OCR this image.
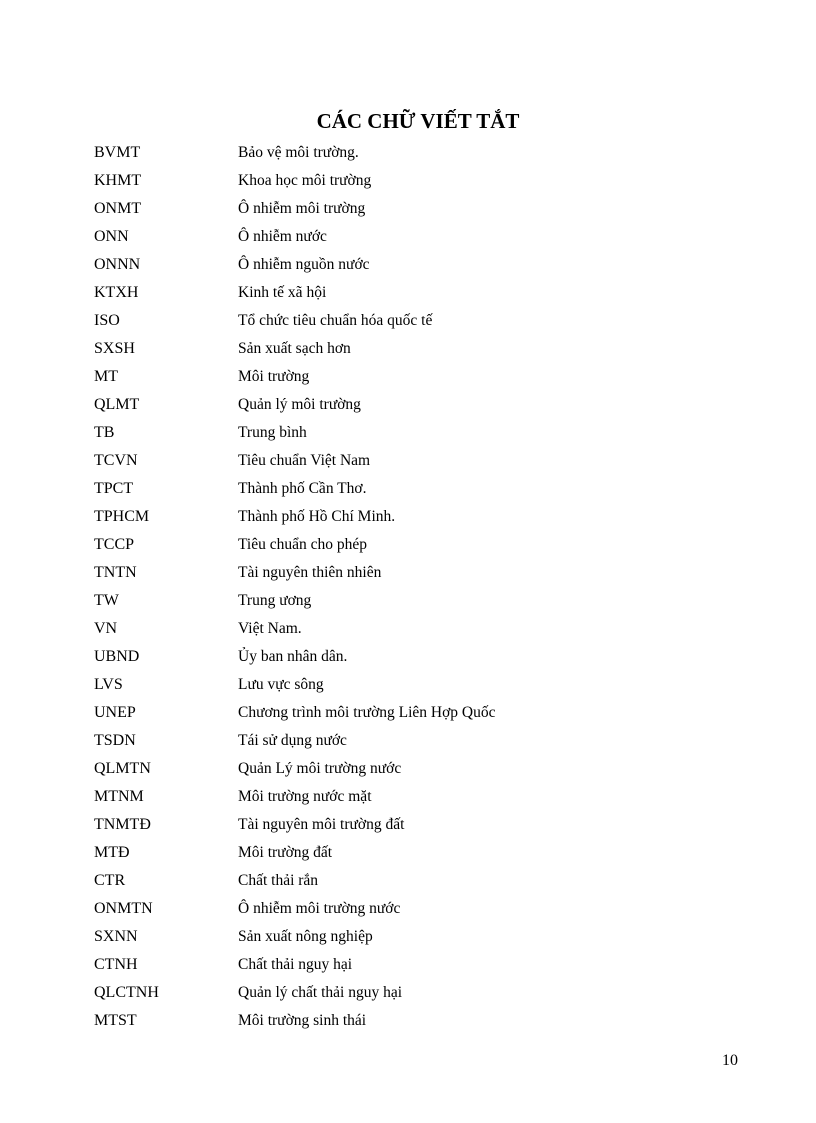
CÁC CHỮ VIẾT TẮT
BVMT	Bảo vệ môi trường.
KHMT	Khoa học môi trường
ONMT	Ô nhiễm môi trường
ONN	Ô nhiễm nước
ONNN	Ô nhiễm nguồn nước
KTXH	Kinh tế xã hội
ISO	Tổ chức tiêu chuẩn hóa quốc tế
SXSH	Sản xuất sạch hơn
MT	Môi trường
QLMT	Quản lý môi trường
TB	Trung bình
TCVN	Tiêu chuẩn Việt Nam
TPCT	Thành phố Cần Thơ.
TPHCM	Thành phố Hồ Chí Minh.
TCCP	Tiêu chuẩn cho phép
TNTN	Tài nguyên thiên nhiên
TW	Trung ương
VN	Việt Nam.
UBND	Ủy ban nhân dân.
LVS	Lưu vực sông
UNEP	Chương trình môi trường Liên Hợp Quốc
TSDN	Tái sử dụng nước
QLMTN	Quản Lý môi trường nước
MTNM	Môi trường nước mặt
TNMTĐ	Tài nguyên môi trường đất
MTĐ	Môi trường đất
CTR	Chất thải rắn
ONMTN	Ô nhiễm môi trường nước
SXNN	Sản xuất nông nghiệp
CTNH	Chất thải nguy hại
QLCTNH	Quản lý chất thải nguy hại
MTST	Môi trường sinh thái
10
